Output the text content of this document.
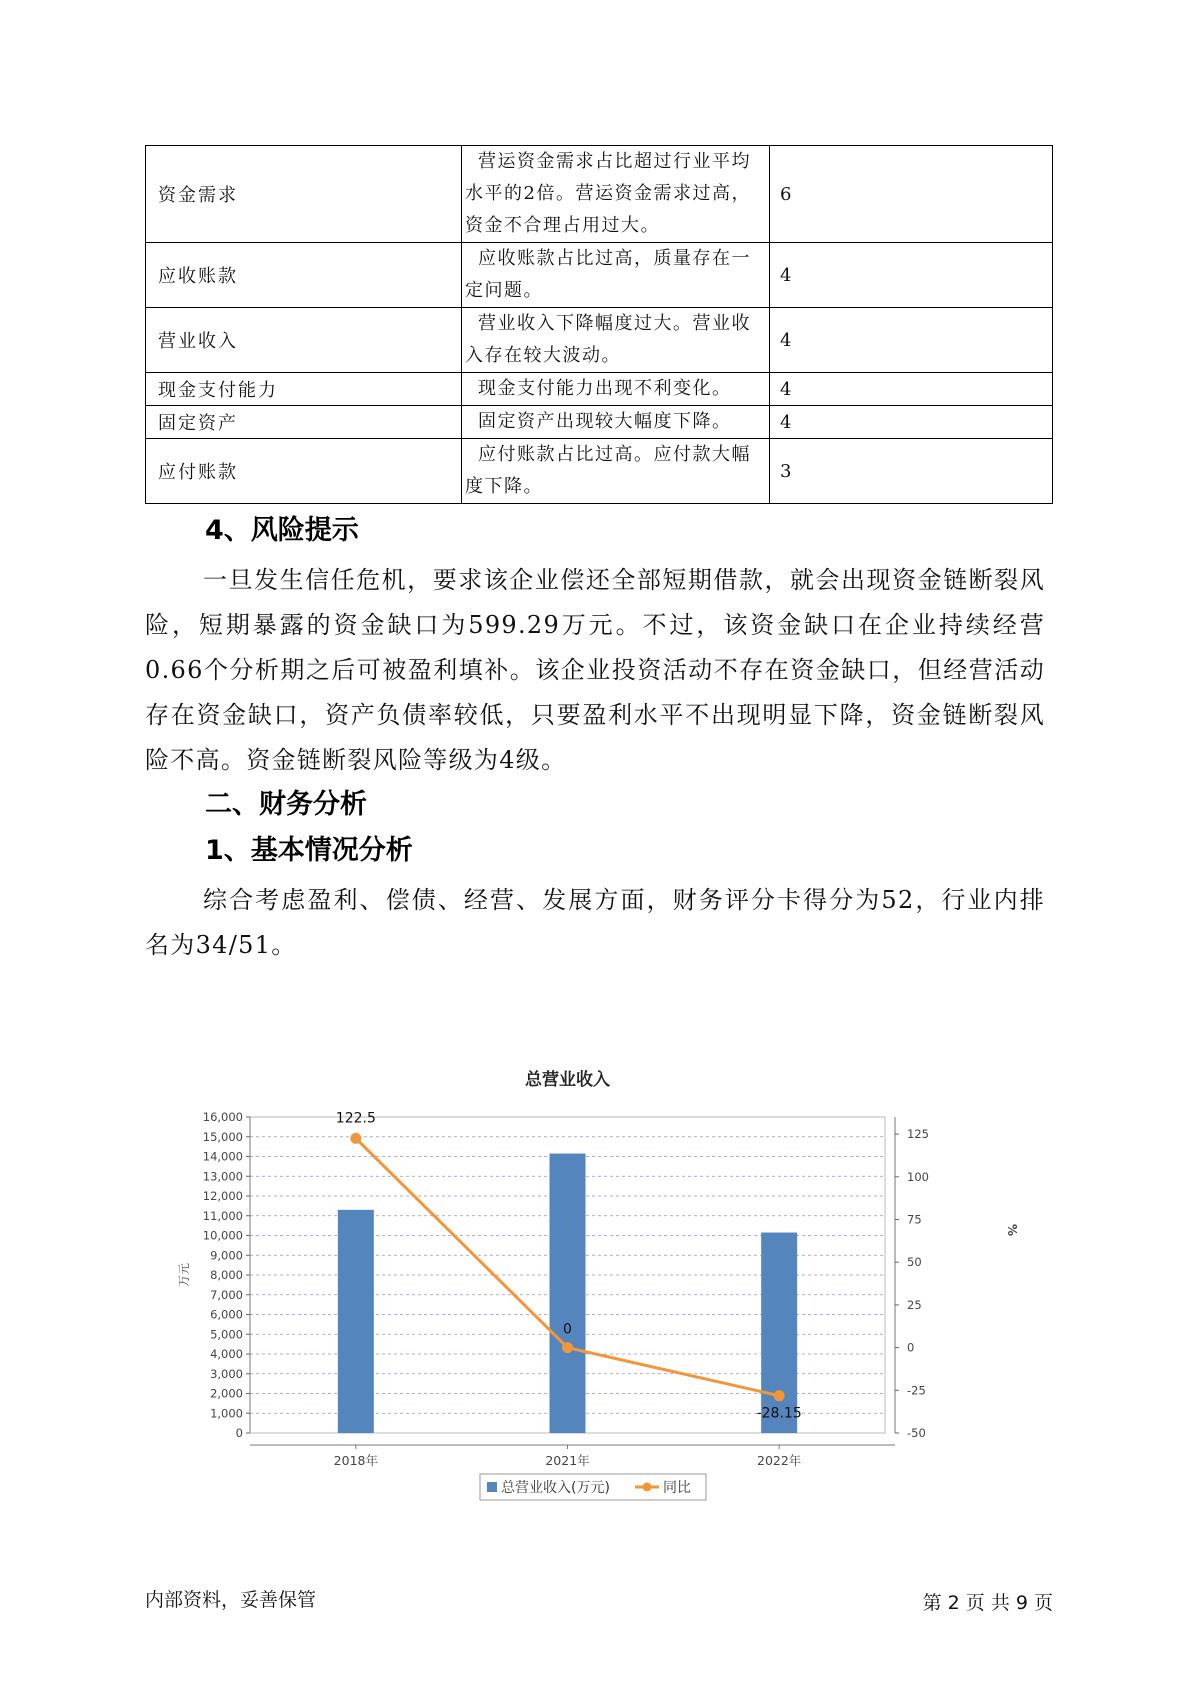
资金需求	营运资金需求占比超过行业平均水平的2倍。营运资金需求过高，资金不合理占用过大。	6
应收账款	应收账款占比过高，质量存在一定问题。	4
营业收入	营业收入下降幅度过大。营业收入存在较大波动。	4
现金支付能力	现金支付能力出现不利变化。	4
固定资产	固定资产出现较大幅度下降。	4
应付账款	应付账款占比过高。应付款大幅度下降。	3
4、风险提示
一旦发生信任危机，要求该企业偿还全部短期借款，就会出现资金链断裂风险，短期暴露的资金缺口为599.29万元。不过，该资金缺口在企业持续经营 0.66个分析期之后可被盈利填补。该企业投资活动不存在资金缺口，但经营活动存在资金缺口，资产负债率较低，只要盈利水平不出现明显下降，资金链断裂风险不高。资金链断裂风险等级为4级。
二、财务分析
1、基本情况分析
综合考虑盈利、偿债、经营、发展方面，财务评分卡得分为52，行业内排名为34/51。
总营业收入
0
1,000
2,000
3,000
4,000
5,000
6,000
7,000
8,000
9,000
10,000
11,000
12,000
13,000
14,000
15,000
16,000
-50
-25
0
25
50
75
100
125
万元
%
2018年	2021年	2022年
122.5
0
-28.15
总营业收入(万元)	同比
内部资料，妥善保管	第 2 页 共 9 页
